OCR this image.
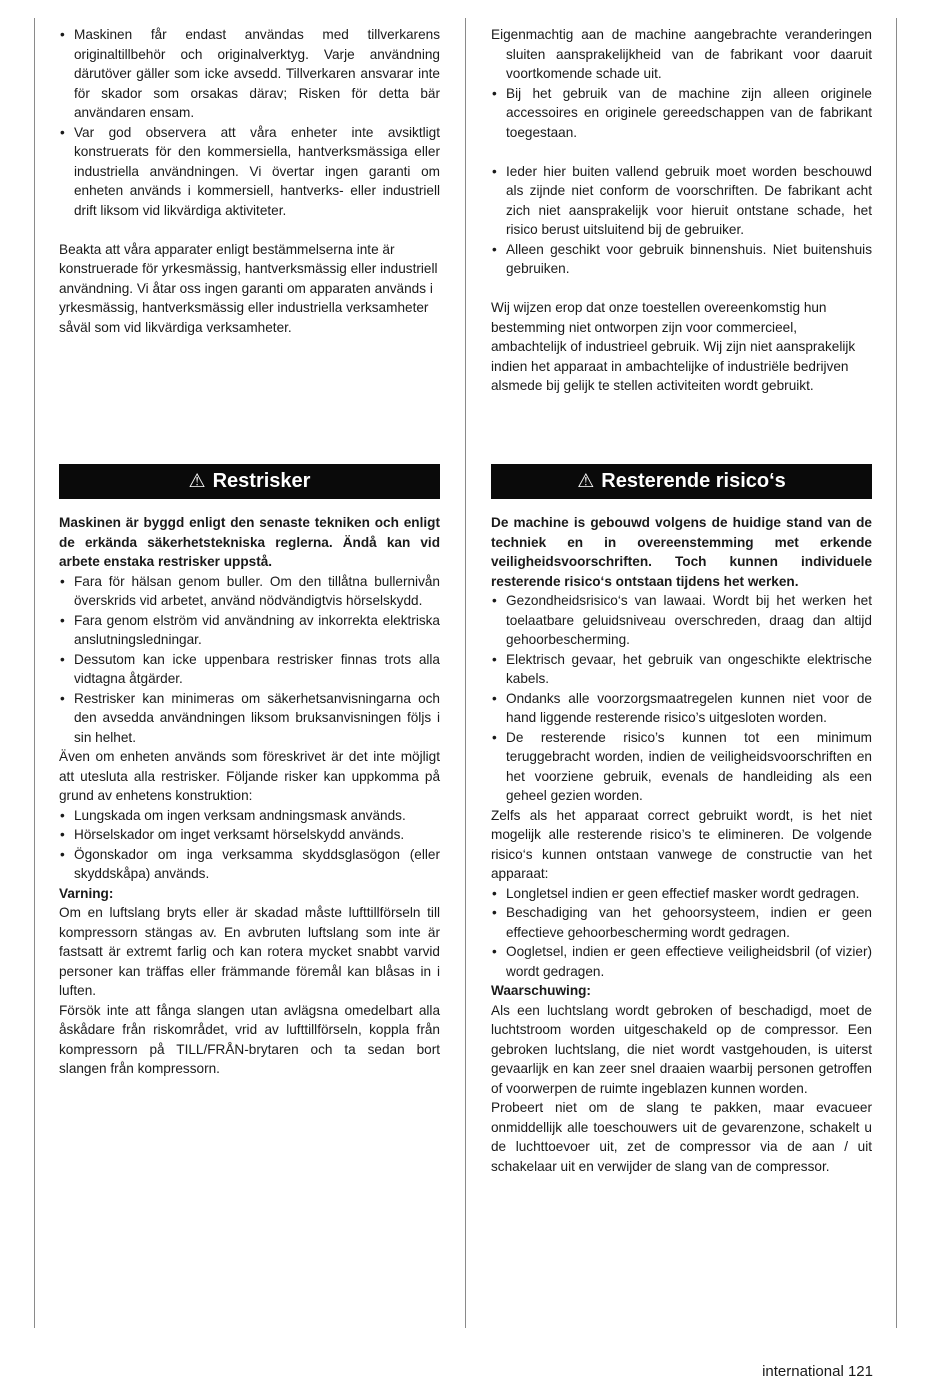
• Maskinen får endast användas med tillverkarens originaltillbehör och originalverktyg. Varje användning därutöver gäller som icke avsedd. Tillverkaren ansvarar inte för skador som orsakas därav; Risken för detta bär användaren ensam.
• Var god observera att våra enheter inte avsiktligt konstruerats för den kommersiella, hantverksmässiga eller industriella användningen. Vi övertar ingen garanti om enheten används i kommersiell, hantverks- eller industriell drift liksom vid likvärdiga aktiviteter.

Beakta att våra apparater enligt bestämmelserna inte är konstruerade för yrkesmässig, hantverksmässig eller industriell användning. Vi åtar oss ingen garanti om apparaten används i yrkesmässig, hantverksmässig eller industriella verksamheter såväl som vid likvärdiga verksamheter.

Eigenmachtig aan de machine aangebrachte veranderingen sluiten aansprakelijkheid van de fabrikant voor daaruit voortkomende schade uit.

• Bij het gebruik van de machine zijn alleen originele accessoires en originele gereedschappen van de fabrikant toegestaan.
• Ieder hier buiten vallend gebruik moet worden beschouwd als zijnde niet conform de voorschriften. De fabrikant acht zich niet aansprakelijk voor hieruit ontstane schade, het risico berust uitsluitend bij de gebruiker.
• Alleen geschikt voor gebruik binnenshuis. Niet buitenshuis gebruiken.

Wij wijzen erop dat onze toestellen overeenkomstig hun bestemming niet ontworpen zijn voor commercieel, ambachtelijk of industrieel gebruik. Wij zijn niet aansprakelijk indien het apparaat in ambachtelijke of industriële bedrijven alsmede bij gelijk te stellen activiteiten wordt gebruikt.

⚠ Restrisker	⚠ Resterende risico‘s

Maskinen är byggd enligt den senaste tekniken och enligt de erkända säkerhetstekniska reglerna. Ändå kan vid arbete enstaka restrisker uppstå.

• Fara för hälsan genom buller. Om den tillåtna bullernivån överskrids vid arbetet, använd nödvändigtvis hörselskydd.
• Fara genom elström vid användning av inkorrekta elektriska anslutningsledningar.
• Dessutom kan icke uppenbara restrisker finnas trots alla vidtagna åtgärder.
• Restrisker kan minimeras om säkerhetsanvisningarna och den avsedda användningen liksom bruksanvisningen följs i sin helhet.

Även om enheten används som föreskrivet är det inte möjligt att utesluta alla restrisker. Följande risker kan uppkomma på grund av enhetens konstruktion:

• Lungskada om ingen verksam andningsmask används.
• Hörselskador om inget verksamt hörselskydd används.
• Ögonskador om inga verksamma skyddsglasögon (eller skyddskåpa) används.

Varning:

Om en luftslang bryts eller är skadad måste lufttillförseln till kompressorn stängas av. En avbruten luftslang som inte är fastsatt är extremt farlig och kan rotera mycket snabbt varvid personer kan träffas eller främmande föremål kan blåsas in i luften.

Försök inte att fånga slangen utan avlägsna omedelbart alla åskådare från riskområdet, vrid av lufttillförseln, koppla från kompressorn på TILL/FRÅN-brytaren och ta sedan bort slangen från kompressorn.

De machine is gebouwd volgens de huidige stand van de techniek en in overeenstemming met erkende veiligheidsvoorschriften. Toch kunnen individuele resterende risico‘s ontstaan tijdens het werken.

• Gezondheidsrisico‘s van lawaai. Wordt bij het werken het toelaatbare geluidsniveau overschreden, draag dan altijd gehoorbescherming.
• Elektrisch gevaar, het gebruik van ongeschikte elektrische kabels.
• Ondanks alle voorzorgsmaatregelen kunnen niet voor de hand liggende resterende risico’s uitgesloten worden.
• De resterende risico’s kunnen tot een minimum teruggebracht worden, indien de veiligheidsvoorschriften en het voorziene gebruik, evenals de handleiding als een geheel gezien worden.

Zelfs als het apparaat correct gebruikt wordt, is het niet mogelijk alle resterende risico’s te elimineren. De volgende risico‘s kunnen ontstaan vanwege de constructie van het apparaat:

• Longletsel indien er geen effectief masker wordt gedragen.
• Beschadiging van het gehoorsysteem, indien er geen effectieve gehoorbescherming wordt gedragen.
• Oogletsel, indien er geen effectieve veiligheidsbril (of vizier) wordt gedragen.

Waarschuwing:

Als een luchtslang wordt gebroken of beschadigd, moet de luchtstroom worden uitgeschakeld op de compressor. Een gebroken luchtslang, die niet wordt vastgehouden, is uiterst gevaarlijk en kan zeer snel draaien waarbij personen getroffen of voorwerpen de ruimte ingeblazen kunnen worden.

Probeert niet om de slang te pakken, maar evacueer onmiddellijk alle toeschouwers uit de gevarenzone, schakelt u de luchttoevoer uit, zet de compressor via de aan / uit schakelaar uit en verwijder de slang van de compressor.

international 121
